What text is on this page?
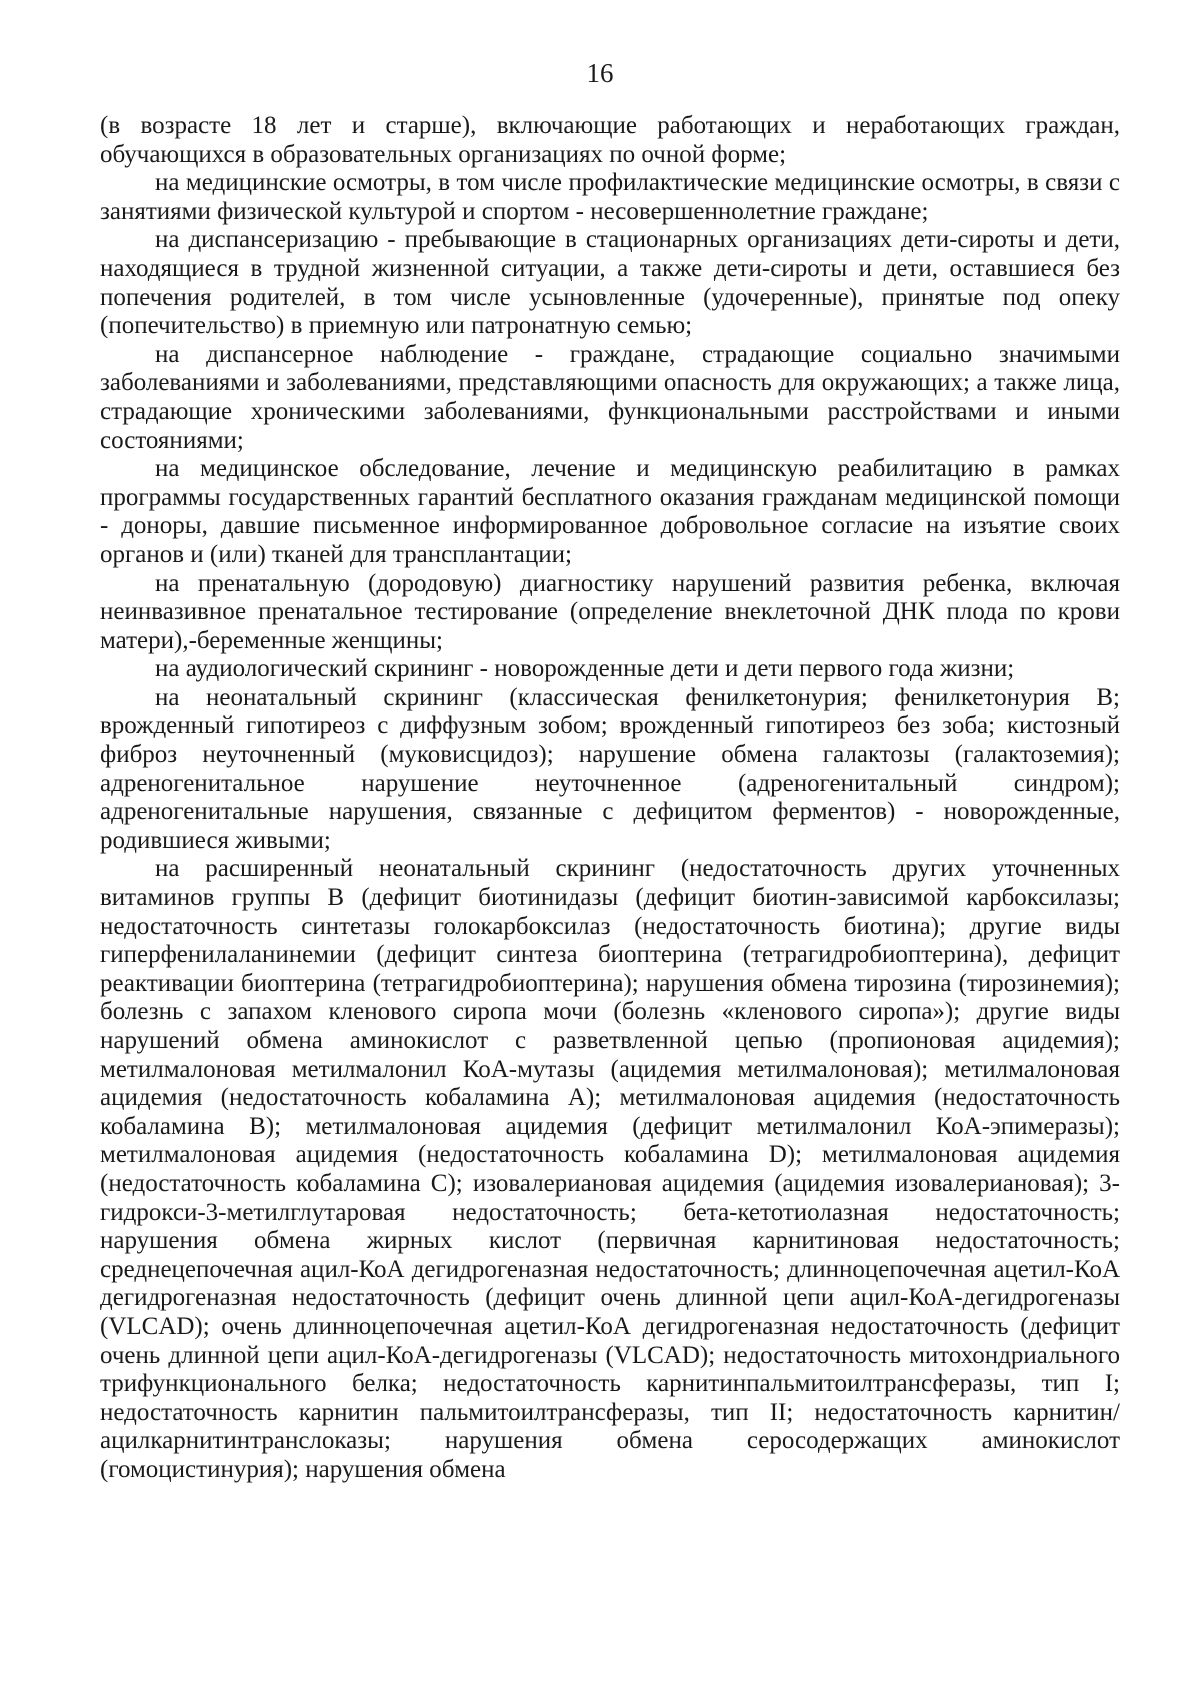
16

(в возрасте 18 лет и старше), включающие работающих и неработающих граждан, обучающихся в образовательных организациях по очной форме;

на медицинские осмотры, в том числе профилактические медицинские осмотры, в связи с занятиями физической культурой и спортом - несовершеннолетние граждане;

на диспансеризацию - пребывающие в стационарных организациях дети-сироты и дети, находящиеся в трудной жизненной ситуации, а также дети-сироты и дети, оставшиеся без попечения родителей, в том числе усыновленные (удочеренные), принятые под опеку (попечительство) в приемную или патронатную семью;

на диспансерное наблюдение - граждане, страдающие социально значимыми заболеваниями и заболеваниями, представляющими опасность для окружающих; а также лица, страдающие хроническими заболеваниями, функциональными расстройствами и иными состояниями;

на медицинское обследование, лечение и медицинскую реабилитацию в рамках программы государственных гарантий бесплатного оказания гражданам медицинской помощи - доноры, давшие письменное информированное добровольное согласие на изъятие своих органов и (или) тканей для трансплантации;

на пренатальную (дородовую) диагностику нарушений развития ребенка, включая неинвазивное пренатальное тестирование (определение внеклеточной ДНК плода по крови матери),-беременные женщины;

на аудиологический скрининг - новорожденные дети и дети первого года жизни;

на неонатальный скрининг (классическая фенилкетонурия; фенилкетонурия В; врожденный гипотиреоз с диффузным зобом; врожденный гипотиреоз без зоба; кистозный фиброз неуточненный (муковисцидоз); нарушение обмена галактозы (галактоземия); адреногенитальное нарушение неуточненное (адреногенитальный синдром); адреногенитальные нарушения, связанные с дефицитом ферментов) - новорожденные, родившиеся живыми;

на расширенный неонатальный скрининг (недостаточность других уточненных витаминов группы В (дефицит биотинидазы (дефицит биотин-зависимой карбоксилазы; недостаточность синтетазы голокарбоксилаз (недостаточность биотина); другие виды гиперфенилаланинемии (дефицит синтеза биоптерина (тетрагидробиоптерина), дефицит реактивации биоптерина (тетрагидробиоптерина); нарушения обмена тирозина (тирозинемия); болезнь с запахом кленового сиропа мочи (болезнь «кленового сиропа»); другие виды нарушений обмена аминокислот с разветвленной цепью (пропионовая ацидемия); метилмалоновая метилмалонил КоА-мутазы (ацидемия метилмалоновая); метилмалоновая ацидемия (недостаточность кобаламина А); метилмалоновая ацидемия (недостаточность кобаламина В); метилмалоновая ацидемия (дефицит метилмалонил КоА-эпимеразы); метилмалоновая ацидемия (недостаточность кобаламина D); метилмалоновая ацидемия (недостаточность кобаламина С); изовалериановая ацидемия (ацидемия изовалериановая); 3-гидрокси-3-метилглутаровая недостаточность; бета-кетотиолазная недостаточность; нарушения обмена жирных кислот (первичная карнитиновая недостаточность; среднецепочечная ацил-КоА дегидрогеназная недостаточность; длинноцепочечная ацетил-КоА дегидрогеназная недостаточность (дефицит очень длинной цепи ацил-КоА-дегидрогеназы (VLCAD); очень длинноцепочечная ацетил-КоА дегидрогеназная недостаточность (дефицит очень длинной цепи ацил-КоА-дегидрогеназы (VLCAD); недостаточность митохондриального трифункционального белка; недостаточность карнитинпальмитоилтрансферазы, тип I; недостаточность карнитин пальмитоилтрансферазы, тип II; недостаточность карнитин/ацилкарнитинтранслоказы; нарушения обмена серосодержащих аминокислот (гомоцистинурия); нарушения обмена
